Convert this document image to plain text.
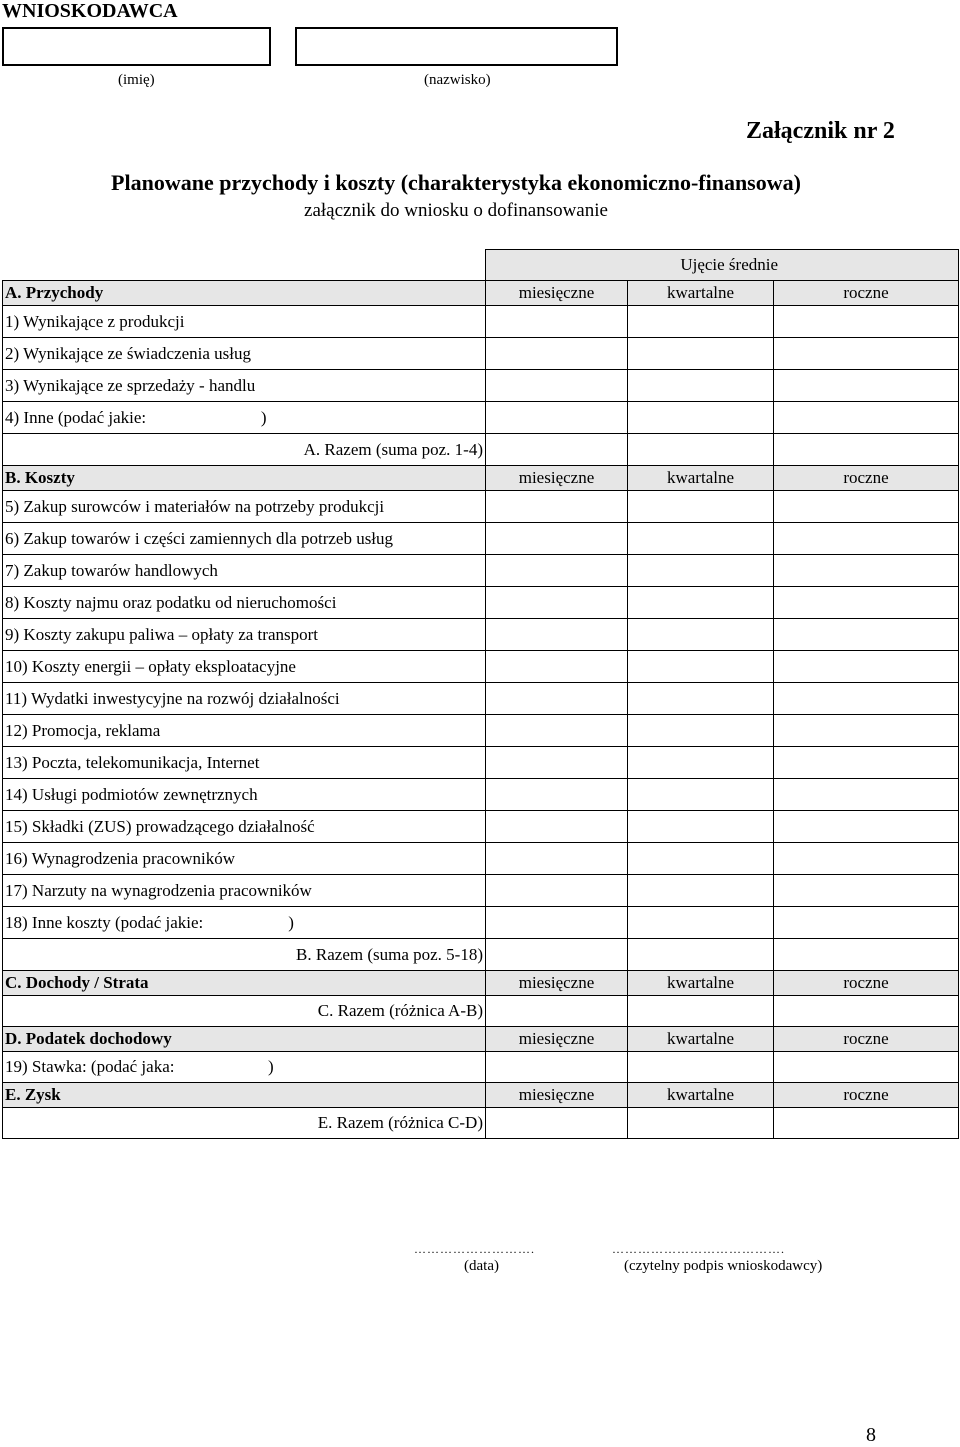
WNIOSKODAWCA
(imię)	(nazwisko)
Załącznik nr 2
Planowane przychody i koszty (charakterystyka ekonomiczno-finansowa)
załącznik do wniosku o dofinansowanie
	Ujęcie średnie		
A. Przychody	miesięczne	kwartalne	roczne
1) Wynikające z produkcji			
2) Wynikające ze świadczenia usług			
3) Wynikające ze sprzedaży - handlu			
4) Inne (podać jakie:                           )			
A. Razem (suma poz. 1-4)			
B. Koszty	miesięczne	kwartalne	roczne
5) Zakup surowców i materiałów na potrzeby produkcji			
6) Zakup towarów i części zamiennych dla potrzeb usług			
7) Zakup towarów handlowych			
8) Koszty najmu oraz podatku od nieruchomości			
9) Koszty zakupu paliwa – opłaty za transport			
10) Koszty energii – opłaty eksploatacyjne			
11) Wydatki inwestycyjne na rozwój działalności			
12) Promocja, reklama			
13) Poczta, telekomunikacja, Internet			
14) Usługi podmiotów zewnętrznych			
15) Składki (ZUS) prowadzącego działalność			
16) Wynagrodzenia pracowników			
17) Narzuty na wynagrodzenia pracowników			
18) Inne koszty (podać jakie:                    )			
B. Razem (suma poz. 5-18)			
C. Dochody / Strata	miesięczne	kwartalne	roczne
C. Razem (różnica A-B)			
D. Podatek dochodowy	miesięczne	kwartalne	roczne
19) Stawka: (podać jaka:                      )			
E. Zysk	miesięczne	kwartalne	roczne
E. Razem (różnica C-D)			
……………………….
(data)
………………………………….
(czytelny podpis wnioskodawcy)
8
